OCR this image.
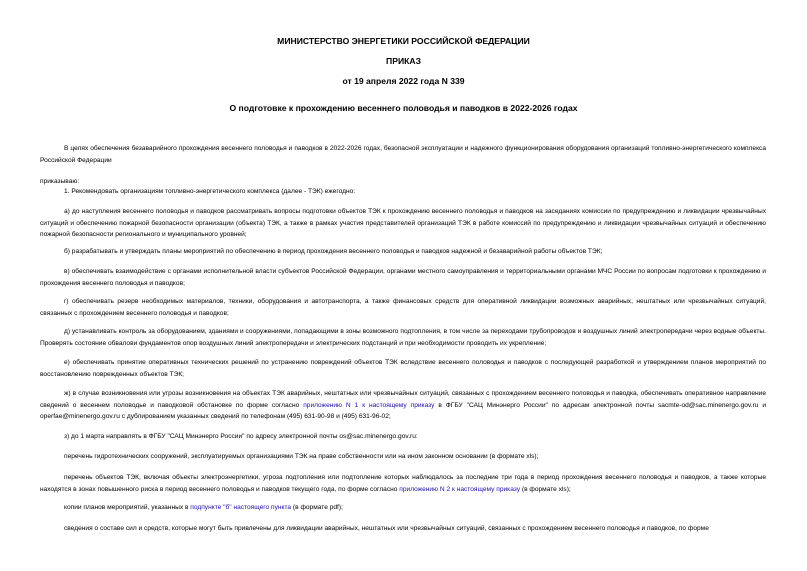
МИНИСТЕРСТВО ЭНЕРГЕТИКИ РОССИЙСКОЙ ФЕДЕРАЦИИ
ПРИКАЗ
от 19 апреля 2022 года N 339
О подготовке к прохождению весеннего половодья и паводков в 2022-2026 годах

В целях обеспечения безаварийного прохождения весеннего половодья и паводков в 2022-2026 годах, безопасной эксплуатации и надежного функционирования оборудования организаций топливно-энергетического комплекса Российской Федерации

приказываю:

1. Рекомендовать организациям топливно-энергетического комплекса (далее - ТЭК) ежегодно:

а) до наступления весеннего половодья и паводков рассматривать вопросы подготовки объектов ТЭК к прохождению весеннего половодья и паводков на заседаниях комиссии по предупреждению и ликвидации чрезвычайных ситуаций и обеспечению пожарной безопасности организации (объекта) ТЭК, а также в рамках участия представителей организаций ТЭК в работе комиссий по предупреждению и ликвидации чрезвычайных ситуаций и обеспечению пожарной безопасности регионального и муниципального уровней;

б) разрабатывать и утверждать планы мероприятий по обеспечению в период прохождения весеннего половодья и паводков надежной и безаварийной работы объектов ТЭК;

в) обеспечивать взаимодействие с органами исполнительной власти субъектов Российской Федерации, органами местного самоуправления и территориальными органами МЧС России по вопросам подготовки к прохождению и прохождения весеннего половодья и паводков;

г) обеспечивать резерв необходимых материалов, техники, оборудования и автотранспорта, а также финансовых средств для оперативной ликвидации возможных аварийных, нештатных или чрезвычайных ситуаций, связанных с прохождением весеннего половодья и паводков;

д) устанавливать контроль за оборудованием, зданиями и сооружениями, попадающими в зоны возможного подтопления, в том числе за переходами трубопроводов и воздушных линий электропередачи через водные объекты. Проверять состояние обвалови фундаментов опор воздушных линий электропередачи и электрических подстанций и при необходимости проводить их укрепление;

е) обеспечивать принятие оперативных технических решений по устранению повреждений объектов ТЭК вследствие весеннего половодья и паводков с последующей разработкой и утверждением планов мероприятий по восстановлению поврежденных объектов ТЭК;

ж) в случае возникновения или угрозы возникновения на объектах ТЭК аварийных, нештатных или чрезвычайных ситуаций, связанных с прохождением весеннего половодья и паводка, обеспечивать оперативное направление сведений о весеннем половодье и паводковой обстановке по форме согласно приложению N 1 к настоящему приказу в ФГБУ "САЦ Минэнерго России" по адресам электронной почты sacmte-od@sac.minenergo.gov.ru и operfae@minenergo.gov.ru с дублированием указанных сведений по телефонам (495) 631-90-98 и (495) 631-96-02;

з) до 1 марта направлять в ФГБУ "САЦ Минэнерго России" по адресу электронной почты os@sac.minenergo.gov.ru:

перечень гидротехнических сооружений, эксплуатируемых организациями ТЭК на праве собственности или на ином законном основании (в формате xls);

перечень объектов ТЭК, включая объекты электроэнергетики, угроза подтопления или подтопление которых наблюдалось за последние три года в период прохождения весеннего половодья и паводков, а также которые находятся в зонах повышенного риска в период весеннего половодья и паводков текущего года, по форме согласно приложению N 2 к настоящему приказу (в формате xls);

копии планов мероприятий, указанных в подпункте "б" настоящего пункта (в формате pdf);

сведения о составе сил и средств, которые могут быть привлечены для ликвидации аварийных, нештатных или чрезвычайных ситуаций, связанных с прохождением весеннего половодья и паводков, по форме
